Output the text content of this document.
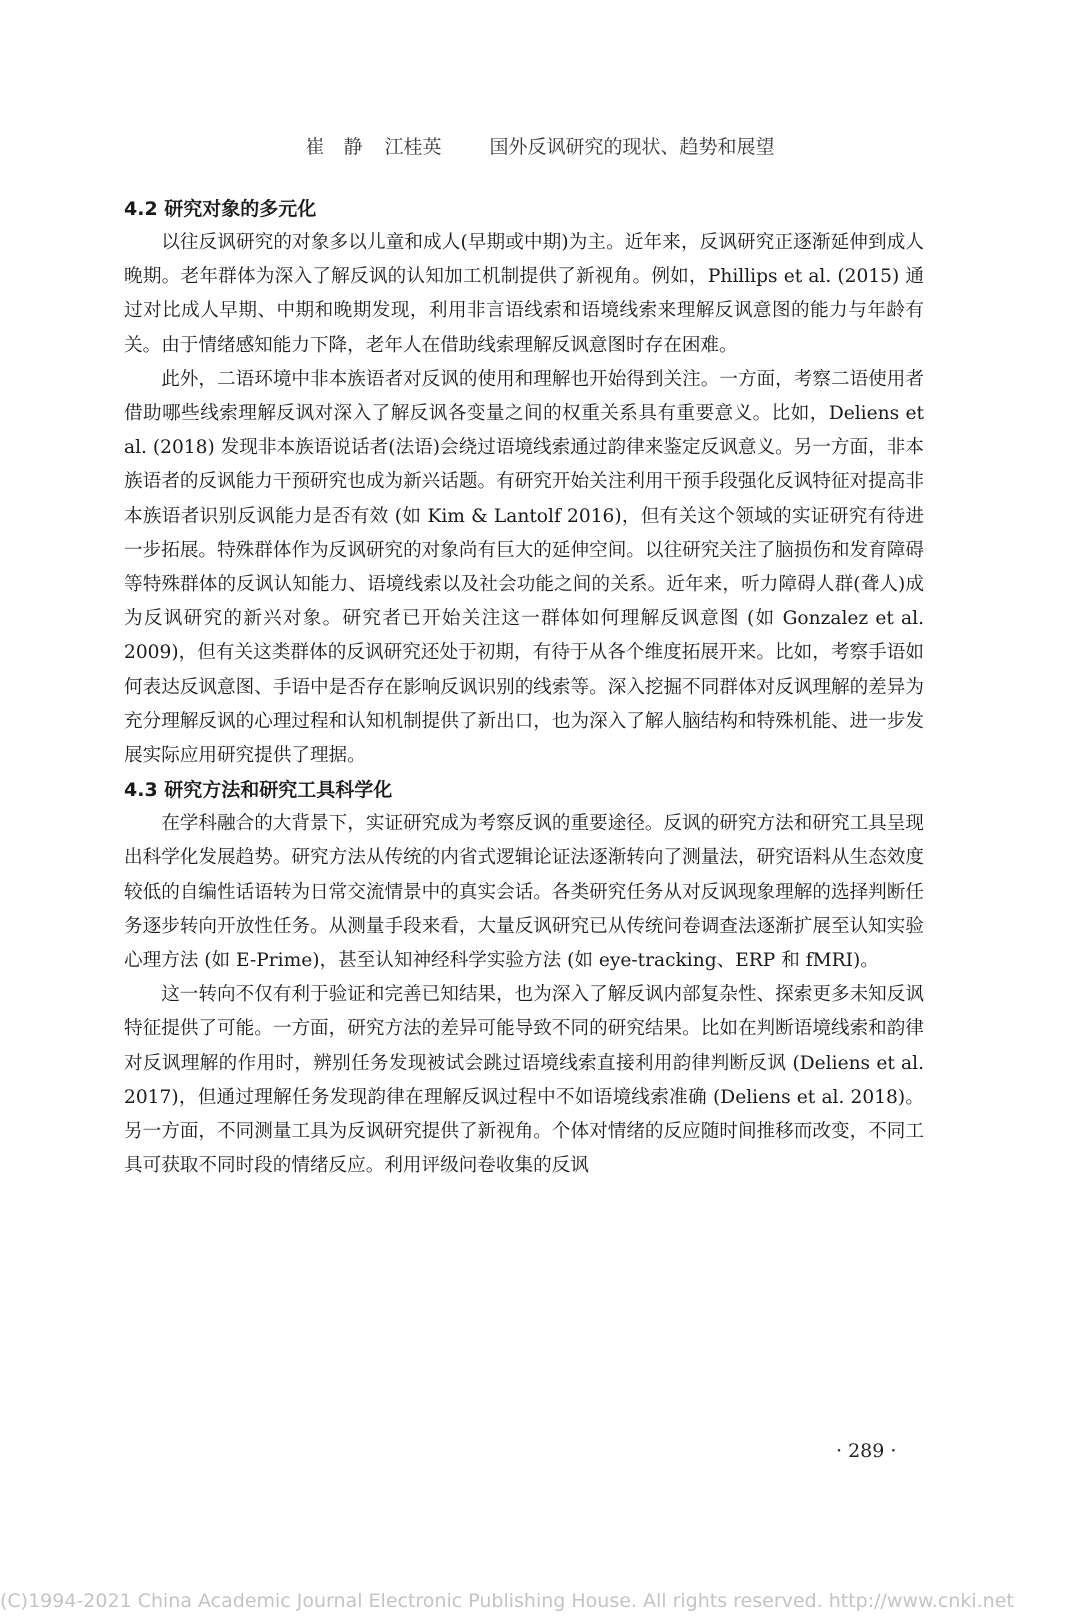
崔　静 江桂英	国外反讽研究的现状、趋势和展望
4.2 研究对象的多元化

以往反讽研究的对象多以儿童和成人(早期或中期)为主。近年来，反讽研究正逐渐延伸到成人晚期。老年群体为深入了解反讽的认知加工机制提供了新视角。例如，Phillips et al. (2015) 通过对比成人早期、中期和晚期发现，利用非言语线索和语境线索来理解反讽意图的能力与年龄有关。由于情绪感知能力下降，老年人在借助线索理解反讽意图时存在困难。

此外，二语环境中非本族语者对反讽的使用和理解也开始得到关注。一方面，考察二语使用者借助哪些线索理解反讽对深入了解反讽各变量之间的权重关系具有重要意义。比如，Deliens et al. (2018) 发现非本族语说话者(法语)会绕过语境线索通过韵律来鉴定反讽意义。另一方面，非本族语者的反讽能力干预研究也成为新兴话题。有研究开始关注利用干预手段强化反讽特征对提高非本族语者识别反讽能力是否有效 (如 Kim & Lantolf 2016)，但有关这个领域的实证研究有待进一步拓展。特殊群体作为反讽研究的对象尚有巨大的延伸空间。以往研究关注了脑损伤和发育障碍等特殊群体的反讽认知能力、语境线索以及社会功能之间的关系。近年来，听力障碍人群(聋人)成为反讽研究的新兴对象。研究者已开始关注这一群体如何理解反讽意图 (如 Gonzalez et al. 2009)，但有关这类群体的反讽研究还处于初期，有待于从各个维度拓展开来。比如，考察手语如何表达反讽意图、手语中是否存在影响反讽识别的线索等。深入挖掘不同群体对反讽理解的差异为充分理解反讽的心理过程和认知机制提供了新出口，也为深入了解人脑结构和特殊机能、进一步发展实际应用研究提供了理据。

4.3 研究方法和研究工具科学化

在学科融合的大背景下，实证研究成为考察反讽的重要途径。反讽的研究方法和研究工具呈现出科学化发展趋势。研究方法从传统的内省式逻辑论证法逐渐转向了测量法，研究语料从生态效度较低的自编性话语转为日常交流情景中的真实会话。各类研究任务从对反讽现象理解的选择判断任务逐步转向开放性任务。从测量手段来看，大量反讽研究已从传统问卷调查法逐渐扩展至认知实验心理方法 (如 E-Prime)，甚至认知神经科学实验方法 (如 eye-tracking、ERP 和 fMRI)。

这一转向不仅有利于验证和完善已知结果，也为深入了解反讽内部复杂性、探索更多未知反讽特征提供了可能。一方面，研究方法的差异可能导致不同的研究结果。比如在判断语境线索和韵律对反讽理解的作用时，辨别任务发现被试会跳过语境线索直接利用韵律判断反讽 (Deliens et al. 2017)，但通过理解任务发现韵律在理解反讽过程中不如语境线索准确 (Deliens et al. 2018)。另一方面，不同测量工具为反讽研究提供了新视角。个体对情绪的反应随时间推移而改变，不同工具可获取不同时段的情绪反应。利用评级问卷收集的反讽

· 289 ·
(C)1994-2021 China Academic Journal Electronic Publishing House. All rights reserved. http://www.cnki.net
